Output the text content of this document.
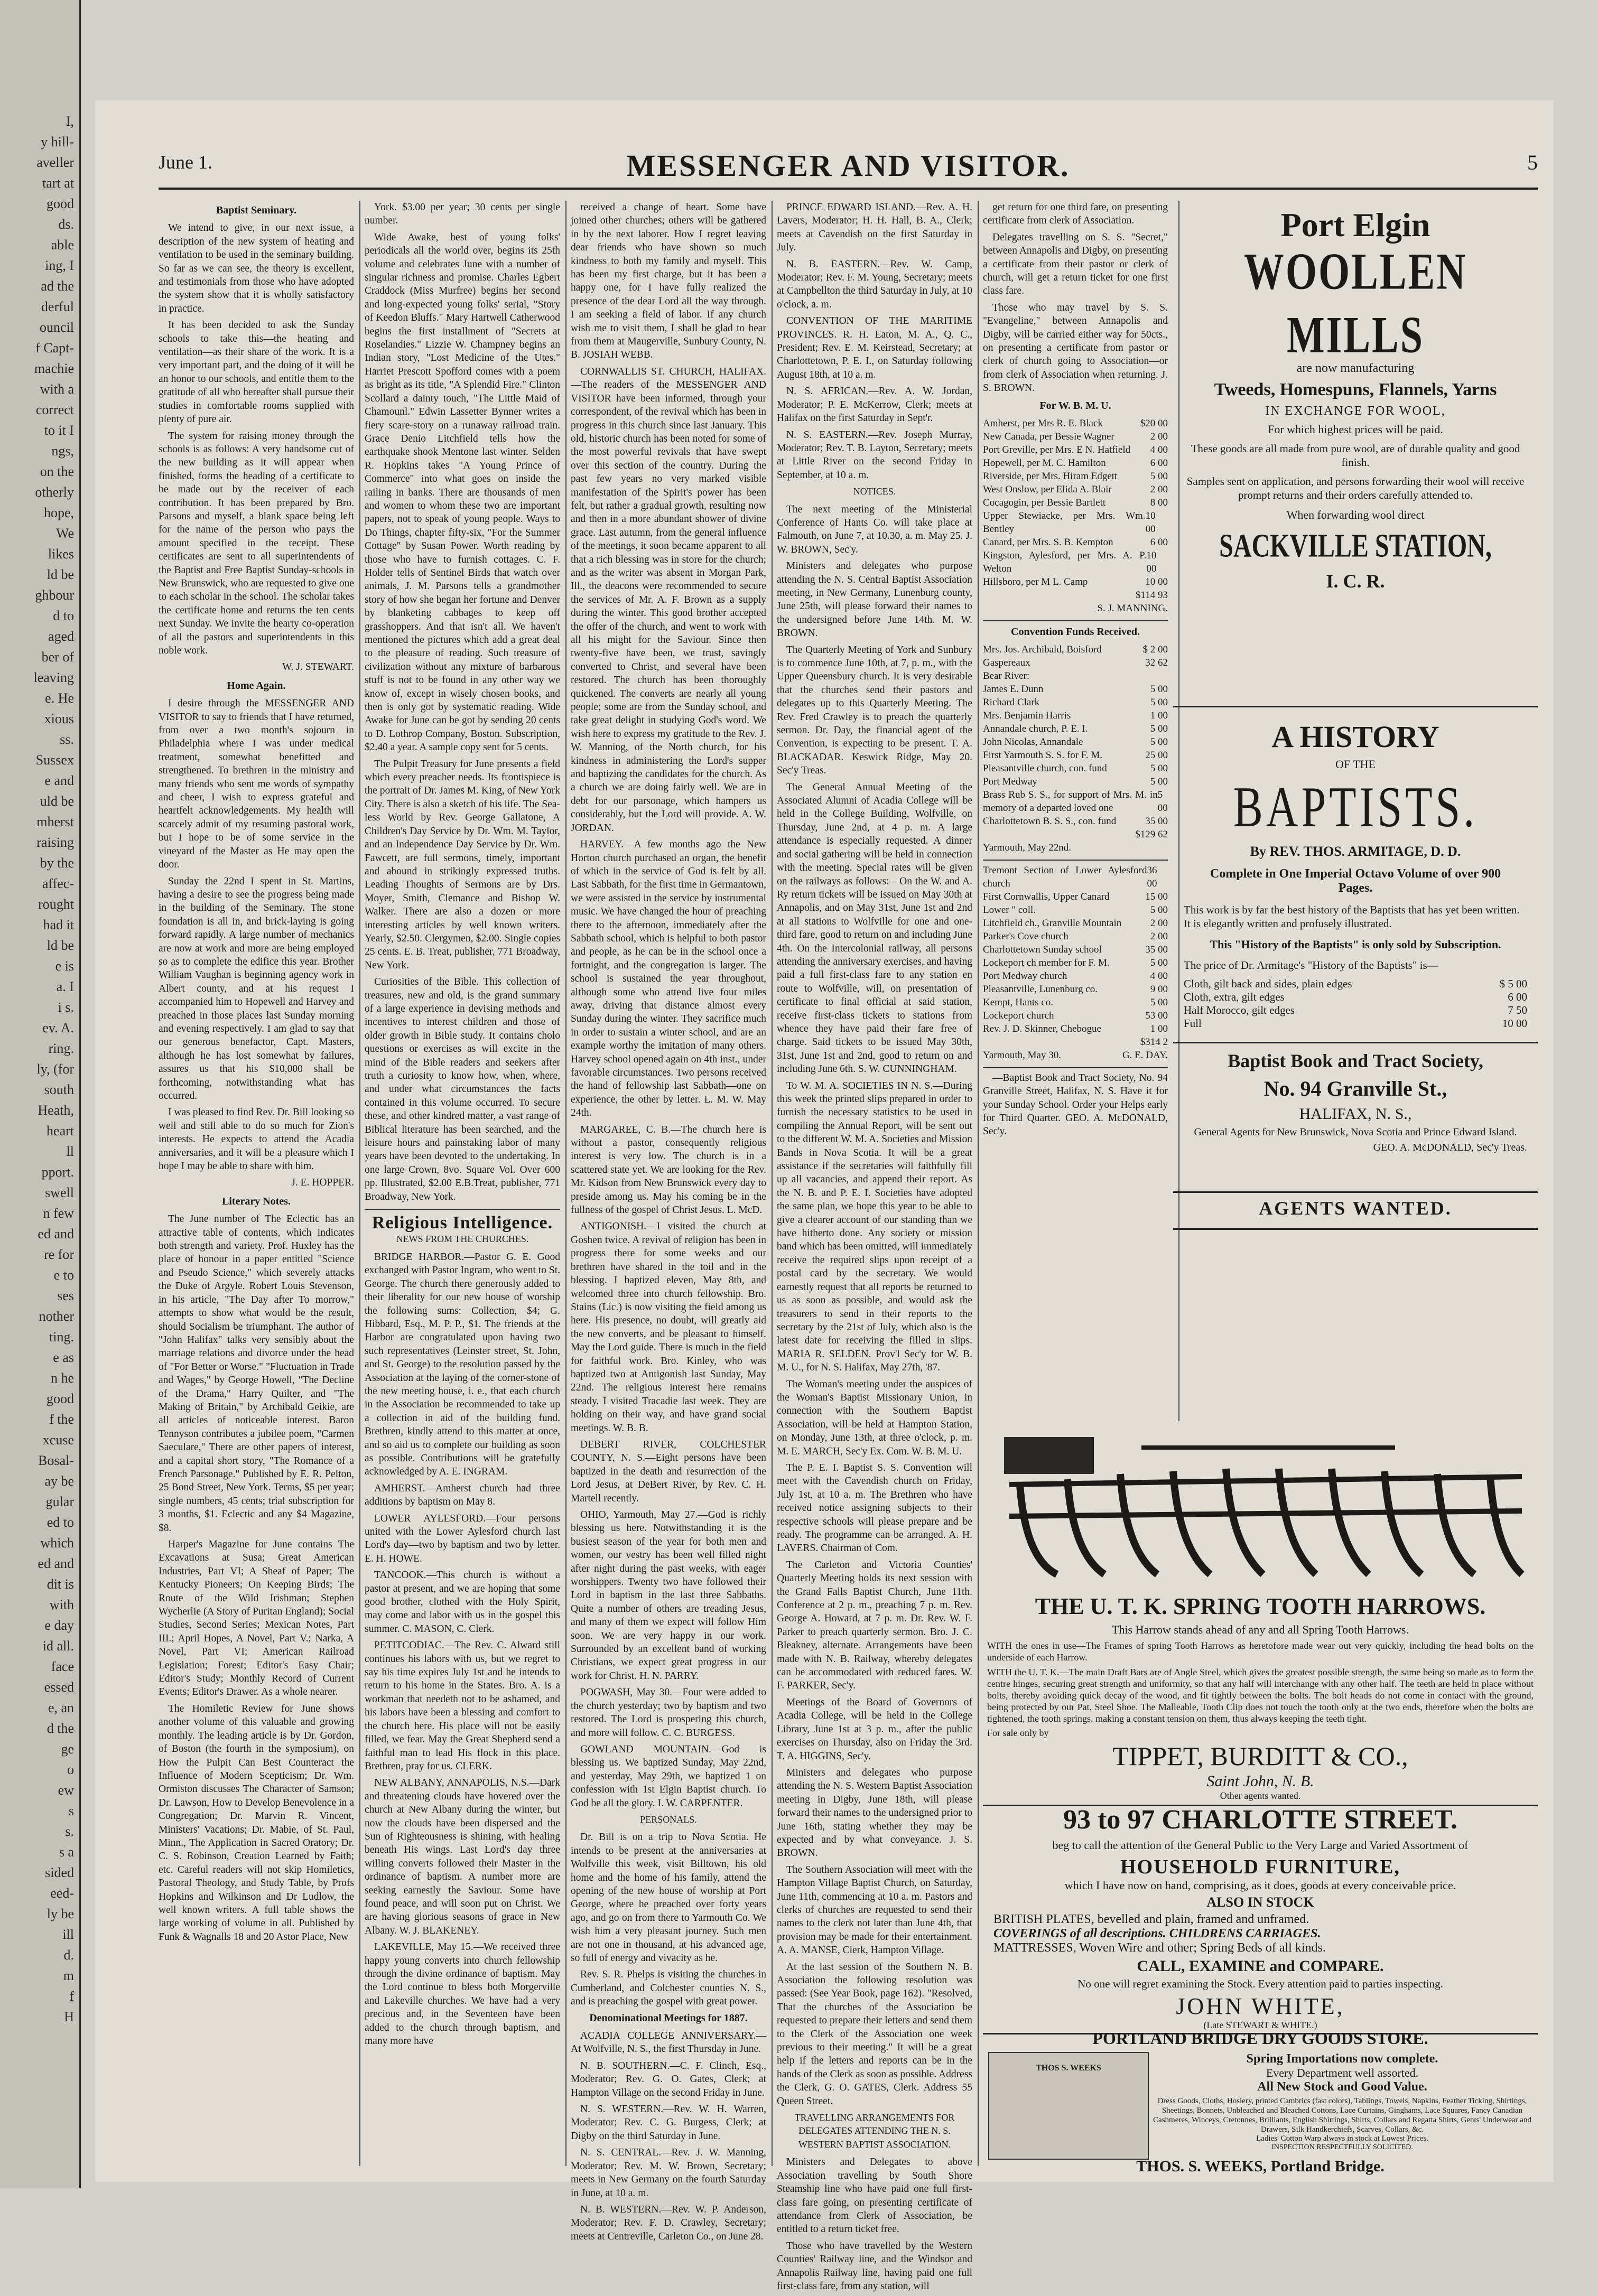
I,
y hill-
aveller
tart at
good
ds.
able
ing, I
ad the
derful
ouncil
f Capt-
machie
with a
correct
to it I
ngs,
on the
otherly
hope,
We
likes
ld be
ghbour
d to
aged
ber of
leaving
e. He
xious
ss.
Sussex
e and
uld be
mherst
raising
by the
affec-
rought
had it
ld be
e is
a. I
i s.
ev. A.
ring.
ly, (for
south
Heath,
heart
ll
pport.
swell
n few
ed and
re for
e to
ses
nother
ting.
e as
n he
good
f the
xcuse
Bosal-
ay be
gular
ed to
which
ed and
dit is
with
e day
id all.
face
essed
e, an
d the
ge
o
ew
s
s.
s a
sided
eed-
ly be
ill
d.
m
f
H
June 1.	MESSENGER AND VISITOR.	5
Baptist Seminary.

We intend to give, in our next issue, a description of the new system of heating and ventilation to be used in the seminary building. So far as we can see, the theory is excellent, and testimonials from those who have adopted the system show that it is wholly satisfactory in practice.

It has been decided to ask the Sunday schools to take this—the heating and ventilation—as their share of the work. It is a very important part, and the doing of it will be an honor to our schools, and entitle them to the gratitude of all who hereafter shall pursue their studies in comfortable rooms supplied with plenty of pure air.

The system for raising money through the schools is as follows: A very handsome cut of the new building as it will appear when finished, forms the heading of a certificate to be made out by the receiver of each contribution. It has been prepared by Bro. Parsons and myself, a blank space being left for the name of the person who pays the amount specified in the receipt. These certificates are sent to all superintendents of the Baptist and Free Baptist Sunday-schools in New Brunswick, who are requested to give one to each scholar in the school. The scholar takes the certificate home and returns the ten cents next Sunday. We invite the hearty co-operation of all the pastors and superintendents in this noble work.

W. J. STEWART.
Home Again.

I desire through the MESSENGER AND VISITOR to say to friends that I have returned, from over a two month's sojourn in Philadelphia where I was under medical treatment, somewhat benefitted and strengthened. To brethren in the ministry and many friends who sent me words of sympathy and cheer, I wish to express grateful and heartfelt acknowledgements. My health will scarcely admit of my resuming pastoral work, but I hope to be of some service in the vineyard of the Master as He may open the door.

Sunday the 22nd I spent in St. Martins, having a desire to see the progress being made in the building of the Seminary. The stone foundation is all in, and brick-laying is going forward rapidly. A large number of mechanics are now at work and more are being employed so as to complete the edifice this year. Brother William Vaughan is beginning agency work in Albert county, and at his request I accompanied him to Hopewell and Harvey and preached in those places last Sunday morning and evening respectively. I am glad to say that our generous benefactor, Capt. Masters, although he has lost somewhat by failures, assures us that his $10,000 shall be forthcoming, notwithstanding what has occurred.

I was pleased to find Rev. Dr. Bill looking so well and still able to do so much for Zion's interests. He expects to attend the Acadia anniversaries, and it will be a pleasure which I hope I may be able to share with him.

J. E. HOPPER.
Literary Notes.

The June number of The Eclectic has an attractive table of contents, which indicates both strength and variety. Prof. Huxley has the place of honour in a paper entitled "Science and Pseudo Science," which severely attacks the Duke of Argyle. Robert Louis Stevenson, in his article, "The Day after To morrow," attempts to show what would be the result, should Socialism be triumphant. The author of "John Halifax" talks very sensibly about the marriage relations and divorce under the head of "For Better or Worse." "Fluctuation in Trade and Wages," by George Howell, "The Decline of the Drama," Harry Quilter, and "The Making of Britain," by Archibald Geikie, are all articles of noticeable interest. Baron Tennyson contributes a jubilee poem, "Carmen Saeculare," There are other papers of interest, and a capital short story, "The Romance of a French Parsonage." Published by E. R. Pelton, 25 Bond Street, New York. Terms, $5 per year; single numbers, 45 cents; trial subscription for 3 months, $1. Eclectic and any $4 Magazine, $8.

Harper's Magazine for June contains The Excavations at Susa; Great American Industries, Part VI; A Sheaf of Paper; The Kentucky Pioneers; On Keeping Birds; The Route of the Wild Irishman; Stephen Wycherlie (A Story of Puritan England); Social Studies, Second Series; Mexican Notes, Part III.; April Hopes, A Novel, Part V.; Narka, A Novel, Part VI; American Railroad Legislation; Forest; Editor's Easy Chair; Editor's Study; Monthly Record of Current Events; Editor's Drawer. As a whole nearer.

The Homiletic Review for June shows another volume of this valuable and growing monthly. The leading article is by Dr. Gordon, of Boston (the fourth in the symposium), on How the Pulpit Can Best Counteract the Influence of Modern Scepticism; Dr. Wm. Ormiston discusses The Character of Samson; Dr. Lawson, How to Develop Benevolence in a Congregation; Dr. Marvin R. Vincent, Ministers' Vacations; Dr. Mabie, of St. Paul, Minn., The Application in Sacred Oratory; Dr. C. S. Robinson, Creation Learned by Faith; etc. Careful readers will not skip Homiletics, Pastoral Theology, and Study Table, by Profs Hopkins and Wilkinson and Dr Ludlow, the well known writers. A full table shows the large working of volume in all. Published by Funk & Wagnalls 18 and 20 Astor Place, New

York. $3.00 per year; 30 cents per single number.

Wide Awake, best of young folks' periodicals all the world over, begins its 25th volume and celebrates June with a number of singular richness and promise. Charles Egbert Craddock (Miss Murfree) begins her second and long-expected young folks' serial, "Story of Keedon Bluffs." Mary Hartwell Catherwood begins the first installment of "Secrets at Roselandies." Lizzie W. Champney begins an Indian story, "Lost Medicine of the Utes." Harriet Prescott Spofford comes with a poem as bright as its title, "A Splendid Fire." Clinton Scollard a dainty touch, "The Little Maid of Chamounl." Edwin Lassetter Bynner writes a fiery scare-story on a runaway railroad train. Grace Denio Litchfield tells how the earthquake shook Mentone last winter. Selden R. Hopkins takes "A Young Prince of Commerce" into what goes on inside the railing in banks. There are thousands of men and women to whom these two are important papers, not to speak of young people. Ways to Do Things, chapter fifty-six, "For the Summer Cottage" by Susan Power. Worth reading by those who have to furnish cottages. C. F. Holder tells of Sentinel Birds that watch over animals, J. M. Parsons tells a grandmother story of how she began her fortune and Denver by blanketing cabbages to keep off grasshoppers. And that isn't all. We haven't mentioned the pictures which add a great deal to the pleasure of reading. Such treasure of civilization without any mixture of barbarous stuff is not to be found in any other way we know of, except in wisely chosen books, and then is only got by systematic reading. Wide Awake for June can be got by sending 20 cents to D. Lothrop Company, Boston. Subscription, $2.40 a year. A sample copy sent for 5 cents.

The Pulpit Treasury for June presents a field which every preacher needs. Its frontispiece is the portrait of Dr. James M. King, of New York City. There is also a sketch of his life. The Sea-less World by Rev. George Gallatone, A Children's Day Service by Dr. Wm. M. Taylor, and an Independence Day Service by Dr. Wm. Fawcett, are full sermons, timely, important and abound in strikingly expressed truths. Leading Thoughts of Sermons are by Drs. Moyer, Smith, Clemance and Bishop W. Walker. There are also a dozen or more interesting articles by well known writers. Yearly, $2.50. Clergymen, $2.00. Single copies 25 cents. E. B. Treat, publisher, 771 Broadway, New York.

Curiosities of the Bible. This collection of treasures, new and old, is the grand summary of a large experience in devising methods and incentives to interest children and those of older growth in Bible study. It contains cholo questions or exercises as will excite in the mind of the Bible readers and seekers after truth a curiosity to know how, when, where, and under what circumstances the facts contained in this volume occurred. To secure these, and other kindred matter, a vast range of Biblical literature has been searched, and the leisure hours and painstaking labor of many years have been devoted to the undertaking. In one large Crown, 8vo. Square Vol. Over 600 pp. Illustrated, $2.00 E.B.Treat, publisher, 771 Broadway, New York.

Religious Intelligence.
NEWS FROM THE CHURCHES.

BRIDGE HARBOR.—Pastor G. E. Good exchanged with Pastor Ingram, who went to St. George. The church there generously added to their liberality for our new house of worship the following sums: Collection, $4; G. Hibbard, Esq., M. P. P., $1. The friends at the Harbor are congratulated upon having two such representatives (Leinster street, St. John, and St. George) to the resolution passed by the Association at the laying of the corner-stone of the new meeting house, i. e., that each church in the Association be recommended to take up a collection in aid of the building fund. Brethren, kindly attend to this matter at once, and so aid us to complete our building as soon as possible. Contributions will be gratefully acknowledged by A. E. INGRAM.

AMHERST.—Amherst church had three additions by baptism on May 8.

LOWER AYLESFORD.—Four persons united with the Lower Aylesford church last Lord's day—two by baptism and two by letter. E. H. HOWE.

TANCOOK.—This church is without a pastor at present, and we are hoping that some good brother, clothed with the Holy Spirit, may come and labor with us in the gospel this summer. C. MASON, C. Clerk.

PETITCODIAC.—The Rev. C. Alward still continues his labors with us, but we regret to say his time expires July 1st and he intends to return to his home in the States. Bro. A. is a workman that needeth not to be ashamed, and his labors have been a blessing and comfort to the church here. His place will not be easily filled, we fear. May the Great Shepherd send a faithful man to lead His flock in this place. Brethren, pray for us. CLERK.

NEW ALBANY, ANNAPOLIS, N.S.—Dark and threatening clouds have hovered over the church at New Albany during the winter, but now the clouds have been dispersed and the Sun of Righteousness is shining, with healing beneath His wings. Last Lord's day three willing converts followed their Master in the ordinance of baptism. A number more are seeking earnestly the Saviour. Some have found peace, and will soon put on Christ. We are having glorious seasons of grace in New Albany. W. J. BLAKENEY.

LAKEVILLE, May 15.—We received three happy young converts into church fellowship through the divine ordinance of baptism. May the Lord continue to bless both Morgerville and Lakeville churches. We have had a very precious and, in the Seventeen have been added to the church through baptism, and many more have

received a change of heart. Some have joined other churches; others will be gathered in by the next laborer. How I regret leaving dear friends who have shown so much kindness to both my family and myself. This has been my first charge, but it has been a happy one, for I have fully realized the presence of the dear Lord all the way through. I am seeking a field of labor. If any church wish me to visit them, I shall be glad to hear from them at Maugerville, Sunbury County, N. B. JOSIAH WEBB.

CORNWALLIS ST. CHURCH, HALIFAX.—The readers of the MESSENGER AND VISITOR have been informed, through your correspondent, of the revival which has been in progress in this church since last January. This old, historic church has been noted for some of the most powerful revivals that have swept over this section of the country. During the past few years no very marked visible manifestation of the Spirit's power has been felt, but rather a gradual growth, resulting now and then in a more abundant shower of divine grace. Last autumn, from the general influence of the meetings, it soon became apparent to all that a rich blessing was in store for the church; and as the writer was absent in Morgan Park, Ill., the deacons were recommended to secure the services of Mr. A. F. Brown as a supply during the winter. This good brother accepted the offer of the church, and went to work with all his might for the Saviour. Since then twenty-five have been, we trust, savingly converted to Christ, and several have been restored. The church has been thoroughly quickened. The converts are nearly all young people; some are from the Sunday school, and take great delight in studying God's word. We wish here to express my gratitude to the Rev. J. W. Manning, of the North church, for his kindness in administering the Lord's supper and baptizing the candidates for the church. As a church we are doing fairly well. We are in debt for our parsonage, which hampers us considerably, but the Lord will provide. A. W. JORDAN.

HARVEY.—A few months ago the New Horton church purchased an organ, the benefit of which in the service of God is felt by all. Last Sabbath, for the first time in Germantown, we were assisted in the service by instrumental music. We have changed the hour of preaching there to the afternoon, immediately after the Sabbath school, which is helpful to both pastor and people, as he can be in the school once a fortnight, and the congregation is larger. The school is sustained the year throughout, although some who attend live four miles away, driving that distance almost every Sunday during the winter. They sacrifice much in order to sustain a winter school, and are an example worthy the imitation of many others. Harvey school opened again on 4th inst., under favorable circumstances. Two persons received the hand of fellowship last Sabbath—one on experience, the other by letter. L. M. W. May 24th.

MARGAREE, C. B.—The church here is without a pastor, consequently religious interest is very low. The church is in a scattered state yet. We are looking for the Rev. Mr. Kidson from New Brunswick every day to preside among us. May his coming be in the fullness of the gospel of Christ Jesus. L. McD.

ANTIGONISH.—I visited the church at Goshen twice. A revival of religion has been in progress there for some weeks and our brethren have shared in the toil and in the blessing. I baptized eleven, May 8th, and welcomed three into church fellowship. Bro. Stains (Lic.) is now visiting the field among us here. His presence, no doubt, will greatly aid the new converts, and be pleasant to himself. May the Lord guide. There is much in the field for faithful work. Bro. Kinley, who was baptized two at Antigonish last Sunday, May 22nd. The religious interest here remains steady. I visited Tracadie last week. They are holding on their way, and have grand social meetings. W. B. B.

DEBERT RIVER, COLCHESTER COUNTY, N. S.—Eight persons have been baptized in the death and resurrection of the Lord Jesus, at DeBert River, by Rev. C. H. Martell recently.

OHIO, Yarmouth, May 27.—God is richly blessing us here. Notwithstanding it is the busiest season of the year for both men and women, our vestry has been well filled night after night during the past weeks, with eager worshippers. Twenty two have followed their Lord in baptism in the last three Sabbaths. Quite a number of others are treading Jesus, and many of them we expect will follow Him soon. We are very happy in our work. Surrounded by an excellent band of working Christians, we expect great progress in our work for Christ. H. N. PARRY.

POGWASH, May 30.—Four were added to the church yesterday; two by baptism and two restored. The Lord is prospering this church, and more will follow. C. C. BURGESS.

GOWLAND MOUNTAIN.—God is blessing us. We baptized Sunday, May 22nd, and yesterday, May 29th, we baptized 1 on confession with 1st Elgin Baptist church. To God be all the glory. I. W. CARPENTER.

PERSONALS.

Dr. Bill is on a trip to Nova Scotia. He intends to be present at the anniversaries at Wolfville this week, visit Billtown, his old home and the home of his family, attend the opening of the new house of worship at Port George, where he preached over forty years ago, and go on from there to Yarmouth Co. We wish him a very pleasant journey. Such men are not one in thousand, at his advanced age, so full of energy and vivacity as he.

Rev. S. R. Phelps is visiting the churches in Cumberland, and Colchester counties N. S., and is preaching the gospel with great power.

Denominational Meetings for 1887.

ACADIA COLLEGE ANNIVERSARY.—At Wolfville, N. S., the first Thursday in June.

N. B. SOUTHERN.—C. F. Clinch, Esq., Moderator; Rev. G. O. Gates, Clerk; at Hampton Village on the second Friday in June.

N. S. WESTERN.—Rev. W. H. Warren, Moderator; Rev. C. G. Burgess, Clerk; at Digby on the third Saturday in June.

N. S. CENTRAL.—Rev. J. W. Manning, Moderator; Rev. M. W. Brown, Secretary; meets in New Germany on the fourth Saturday in June, at 10 a. m.

N. B. WESTERN.—Rev. W. P. Anderson, Moderator; Rev. F. D. Crawley, Secretary; meets at Centreville, Carleton Co., on June 28.

PRINCE EDWARD ISLAND.—Rev. A. H. Lavers, Moderator; H. H. Hall, B. A., Clerk; meets at Cavendish on the first Saturday in July.

N. B. EASTERN.—Rev. W. Camp, Moderator; Rev. F. M. Young, Secretary; meets at Campbellton the third Saturday in July, at 10 o'clock, a. m.

CONVENTION OF THE MARITIME PROVINCES. R. H. Eaton, M. A., Q. C., President; Rev. E. M. Keirstead, Secretary; at Charlottetown, P. E. I., on Saturday following August 18th, at 10 a. m.

N. S. AFRICAN.—Rev. A. W. Jordan, Moderator; P. E. McKerrow, Clerk; meets at Halifax on the first Saturday in Sept'r.

N. S. EASTERN.—Rev. Joseph Murray, Moderator; Rev. T. B. Layton, Secretary; meets at Little River on the second Friday in September, at 10 a. m.

NOTICES.

The next meeting of the Ministerial Conference of Hants Co. will take place at Falmouth, on June 7, at 10.30, a. m. May 25. J. W. BROWN, Sec'y.

Ministers and delegates who purpose attending the N. S. Central Baptist Association meeting, in New Germany, Lunenburg county, June 25th, will please forward their names to the undersigned before June 14th. M. W. BROWN.

The Quarterly Meeting of York and Sunbury is to commence June 10th, at 7, p. m., with the Upper Queensbury church. It is very desirable that the churches send their pastors and delegates up to this Quarterly Meeting. The Rev. Fred Crawley is to preach the quarterly sermon. Dr. Day, the financial agent of the Convention, is expecting to be present. T. A. BLACKADAR. Keswick Ridge, May 20. Sec'y Treas.

The General Annual Meeting of the Associated Alumni of Acadia College will be held in the College Building, Wolfville, on Thursday, June 2nd, at 4 p. m. A large attendance is especially requested. A dinner and social gathering will be held in connection with the meeting. Special rates will be given on the railways as follows:—On the W. and A. Ry return tickets will be issued on May 30th at Annapolis, and on May 31st, June 1st and 2nd at all stations to Wolfville for one and one-third fare, good to return on and including June 4th. On the Intercolonial railway, all persons attending the anniversary exercises, and having paid a full first-class fare to any station en route to Wolfville, will, on presentation of certificate to final official at said station, receive first-class tickets to stations from whence they have paid their fare free of charge. Said tickets to be issued May 30th, 31st, June 1st and 2nd, good to return on and including June 6th. S. W. CUNNINGHAM.

To W. M. A. SOCIETIES IN N. S.—During this week the printed slips prepared in order to furnish the necessary statistics to be used in compiling the Annual Report, will be sent out to the different W. M. A. Societies and Mission Bands in Nova Scotia. It will be a great assistance if the secretaries will faithfully fill up all vacancies, and append their report. As the N. B. and P. E. I. Societies have adopted the same plan, we hope this year to be able to give a clearer account of our standing than we have hitherto done. Any society or mission band which has been omitted, will immediately receive the required slips upon receipt of a postal card by the secretary. We would earnestly request that all reports be returned to us as soon as possible, and would ask the treasurers to send in their reports to the secretary by the 21st of July, which also is the latest date for receiving the filled in slips. MARIA R. SELDEN. Prov'l Sec'y for W. B. M. U., for N. S. Halifax, May 27th, '87.

The Woman's meeting under the auspices of the Woman's Baptist Missionary Union, in connection with the Southern Baptist Association, will be held at Hampton Station, on Monday, June 13th, at three o'clock, p. m. M. E. MARCH, Sec'y Ex. Com. W. B. M. U.

The P. E. I. Baptist S. S. Convention will meet with the Cavendish church on Friday, July 1st, at 10 a. m. The Brethren who have received notice assigning subjects to their respective schools will please prepare and be ready. The programme can be arranged. A. H. LAVERS. Chairman of Com.

The Carleton and Victoria Counties' Quarterly Meeting holds its next session with the Grand Falls Baptist Church, June 11th. Conference at 2 p. m., preaching 7 p. m. Rev. George A. Howard, at 7 p. m. Dr. Rev. W. F. Parker to preach quarterly sermon. Bro. J. C. Bleakney, alternate. Arrangements have been made with N. B. Railway, whereby delegates can be accommodated with reduced fares. W. F. PARKER, Sec'y.

Meetings of the Board of Governors of Acadia College, will be held in the College Library, June 1st at 3 p. m., after the public exercises on Thursday, also on Friday the 3rd. T. A. HIGGINS, Sec'y.

Ministers and delegates who purpose attending the N. S. Western Baptist Association meeting in Digby, June 18th, will please forward their names to the undersigned prior to June 16th, stating whether they may be expected and by what conveyance. J. S. BROWN.

The Southern Association will meet with the Hampton Village Baptist Church, on Saturday, June 11th, commencing at 10 a. m. Pastors and clerks of churches are requested to send their names to the clerk not later than June 4th, that provision may be made for their entertainment. A. A. MANSE, Clerk, Hampton Village.

At the last session of the Southern N. B. Association the following resolution was passed: (See Year Book, page 162). "Resolved, That the churches of the Association be requested to prepare their letters and send them to the Clerk of the Association one week previous to their meeting." It will be a great help if the letters and reports can be in the hands of the Clerk as soon as possible. Address the Clerk, G. O. GATES, Clerk. Address 55 Queen Street.

TRAVELLING ARRANGEMENTS FOR DELEGATES ATTENDING THE N. S. WESTERN BAPTIST ASSOCIATION.

Ministers and Delegates to above Association travelling by South Shore Steamship line who have paid one full first-class fare going, on presenting certificate of attendance from Clerk of Association, be entitled to a return ticket free.

Those who have travelled by the Western Counties' Railway line, and the Windsor and Annapolis Railway line, having paid one full first-class fare, from any station, will

get return for one third fare, on presenting certificate from clerk of Association.

Delegates travelling on S. S. "Secret," between Annapolis and Digby, on presenting a certificate from their pastor or clerk of church, will get a return ticket for one first class fare.

Those who may travel by S. S. "Evangeline," between Annapolis and Digby, will be carried either way for 50cts., on presenting a certificate from pastor or clerk of church going to Association—or from clerk of Association when returning. J. S. BROWN.

For W. B. M. U.
Amherst, per Mrs R. E. Black	$20 00
New Canada, per Bessie Wagner	2 00
Port Greville, per Mrs. E N. Hatfield 4 00
Hopewell, per M. C. Hamilton	6 00
Riverside, per Mrs. Hiram Edgett	5 00
West Onslow, per Elida A. Blair	2 00
Cocagogin, per Bessie Bartlett	8 00
Upper Stewiacke, per Mrs. Wm. Bentley
10 00
Canard, per Mrs. S. B. Kempton	6 00
Kingston, Aylesford, per Mrs. A. P. Welton
10 00
Hillsboro, per M L. Camp	10 00
$114 93
S. J. MANNING.
Convention Funds Received.
Mrs. Jos. Archibald, Boisford	$ 2 00
Gaspereaux	32 62
Bear River:
James E. Dunn	5 00
Richard Clark	5 00
Mrs. Benjamin Harris	1 00
Annandale church, P. E. I.	5 00
John Nicolas, Annandale	5 00
First Yarmouth S. S. for F. M.	25 00
Pleasantville church, con. fund	5 00
Port Medway	5 00
Brass Rub S. S., for support of Mrs. M. in memory of a departed loved one
5 00
Charlottetown B. S. S., con. fund	35 00
$129 62
Yarmouth, May 22nd.
Tremont Section of Lower Aylesford church
36 00
First Cornwallis, Upper Canard	15 00
Lower " coll.	5 00
Litchfield ch., Granville Mountain	2 00
Parker's Cove church	2 00
Charlottetown Sunday school	35 00
Lockeport ch member for F. M.	5 00
Port Medway church	4 00
Pleasantville, Lunenburg co.	9 00
Kempt, Hants co.	5 00
Lockeport church	53 00
Rev. J. D. Skinner, Chebogue	1 00
$314 2
Yarmouth, May 30.	G. E. DAY.

—Baptist Book and Tract Society, No. 94 Granville Street, Halifax, N. S. Have it for your Sunday School. Order your Helps early for Third Quarter. GEO. A. McDONALD, Sec'y.

Port Elgin
WOOLLEN MILLS
are now manufacturing
Tweeds, Homespuns, Flannels, Yarns
IN EXCHANGE FOR WOOL,
For which highest prices will be paid.
These goods are all made from pure wool, are of durable quality and good finish.
Samples sent on application, and persons forwarding their wool will receive prompt returns and their orders carefully attended to.
When forwarding wool direct
SACKVILLE STATION,
I. C. R.
A HISTORY
OF THE
BAPTISTS.
By REV. THOS. ARMITAGE, D. D.
Complete in One Imperial Octavo Volume of over 900 Pages.
This work is by far the best history of the Baptists that has yet been written. It is elegantly written and profusely illustrated.
This "History of the Baptists" is only sold by Subscription.
The price of Dr. Armitage's "History of the Baptists" is—
Cloth, gilt back and sides, plain edges	$ 5 00
Cloth, extra, gilt edges	6 00
Half Morocco, gilt edges	7 50
Full	10 00
Baptist Book and Tract Society,
No. 94 Granville St.,
HALIFAX, N. S.,
General Agents for New Brunswick, Nova Scotia and Prince Edward Island.
GEO. A. McDONALD, Sec'y Treas.
AGENTS WANTED.
THE U. T. K. SPRING TOOTH HARROWS.
This Harrow stands ahead of any and all Spring Tooth Harrows.
WITH the ones in use—The Frames of spring Tooth Harrows as heretofore made wear out very quickly, including the head bolts on the underside of each Harrow.
WITH the U. T. K.—The main Draft Bars are of Angle Steel, which gives the greatest possible strength, the same being so made as to form the centre hinges, securing great strength and uniformity, so that any half will interchange with any other half. The teeth are held in place without bolts, thereby avoiding quick decay of the wood, and fit tightly between the bolts. The bolt heads do not come in contact with the ground, being protected by our Pat. Steel Shoe. The Malleable, Tooth Clip does not touch the tooth only at the two ends, therefore when the bolts are tightened, the tooth springs, making a constant tension on them, thus always keeping the teeth tight.
For sale only by
TIPPET, BURDITT & CO.,
Saint John, N. B.
Other agents wanted.
93 to 97 CHARLOTTE STREET.
beg to call the attention of the General Public to the Very Large and Varied Assortment of
HOUSEHOLD FURNITURE,
which I have now on hand, comprising, as it does, goods at every conceivable price.
ALSO IN STOCK
BRITISH PLATES, bevelled and plain, framed and unframed.
COVERINGS of all descriptions. CHILDRENS CARRIAGES.
MATTRESSES, Woven Wire and other; Spring Beds of all kinds.
CALL, EXAMINE and COMPARE.
No one will regret examining the Stock. Every attention paid to parties inspecting.
JOHN WHITE,
(Late STEWART & WHITE.)
PORTLAND BRIDGE DRY GOODS STORE.
THOS S. WEEKS
Spring Importations now complete.
Every Department well assorted.
All New Stock and Good Value.
Dress Goods, Cloths, Hosiery, printed Cambrics (fast colors), Tablings, Towels, Napkins, Feather Ticking, Shirtings, Sheetings, Bonnets, Unbleached and Bleached Cottons, Lace Curtains, Ginghams, Lace Squares, Fancy Canadian Cashmeres, Winceys, Cretonnes, Brilliants, English Shirtings, Shirts, Collars and Regatta Shirts, Gents' Underwear and Drawers, Silk Handkerchiefs, Scarves, Collars, &c.
Ladies' Cotton Warp always in stock at Lowest Prices.
INSPECTION RESPECTFULLY SOLICITED.
THOS. S. WEEKS, Portland Bridge.
